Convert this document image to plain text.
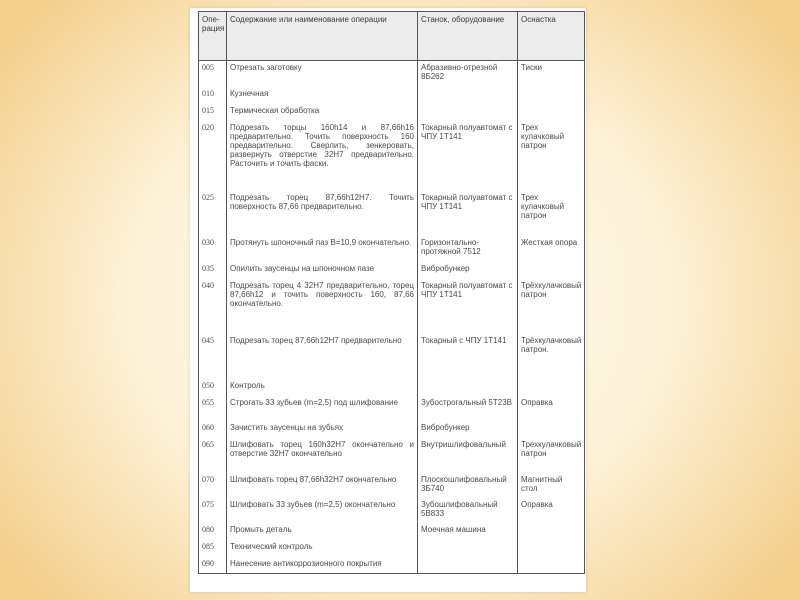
Опе-рация	Содержание или наименование операции	Станок, оборудование	Оснастка
005	Отрезать заготовку	Абразивно-отрезной 8Б262	Тиски
010	Кузнечная		
015	Термическая обработка		
020	Подрезать торцы 160h14 и 87,66h16 предварительно. Точить поверхность 160 предварительно. Сверлить, зенкеровать, развернуть отверстие 32H7 предварительно. Расточить и точить фаски.	Токарный полуавтомат с ЧПУ 1Т141	Трех кулачковый патрон
025	Подрезать торец 87,66h12H7. Точить поверхность 87,66 предварительно.	Токарный полуавтомат с ЧПУ 1Т141	Трех кулачковый патрон
030	Протянуть шпоночный паз В=10,9 окончательно.	Горизонтально-протяжной 7512	Жесткая опора
035	Опилить заусенцы на шпоночном пазе	Вибробункер	
040	Подрезать торец 4 32H7 предварительно, торец 87,66h12 и точить поверхность 160, 87,66 окончательно.	Токарный полуавтомат с ЧПУ 1Т141	Трёхкулачковый патрон
045	Подрезать торец 87,66h12H7 предварительно	Токарный с ЧПУ 1Т141	Трёхкулачковый патрон.
050	Контроль		
055	Строгать 33 зубьев (m=2,5) под шлифование	Зубострогальный 5Т23В	Оправка
060	Зачистить заусенцы на зубьях	Вибробункер	
065	Шлифовать торец 160h32H7 окончательно и отверстие 32H7 окончательно	Внутришлифовальный	Трехкулачковый патрон
070	Шлифовать торец 87,66h32H7 окончательно	Плоскошлифовальный 3Б740	Магнитный стол
075	Шлифовать 33 зубьев (m=2,5) окончательно	Зубошлифовальный 5В833	Оправка
080	Промыть деталь	Моечная машина	
085	Технический контроль		
090	Нанесение антикоррозионного покрытия		
